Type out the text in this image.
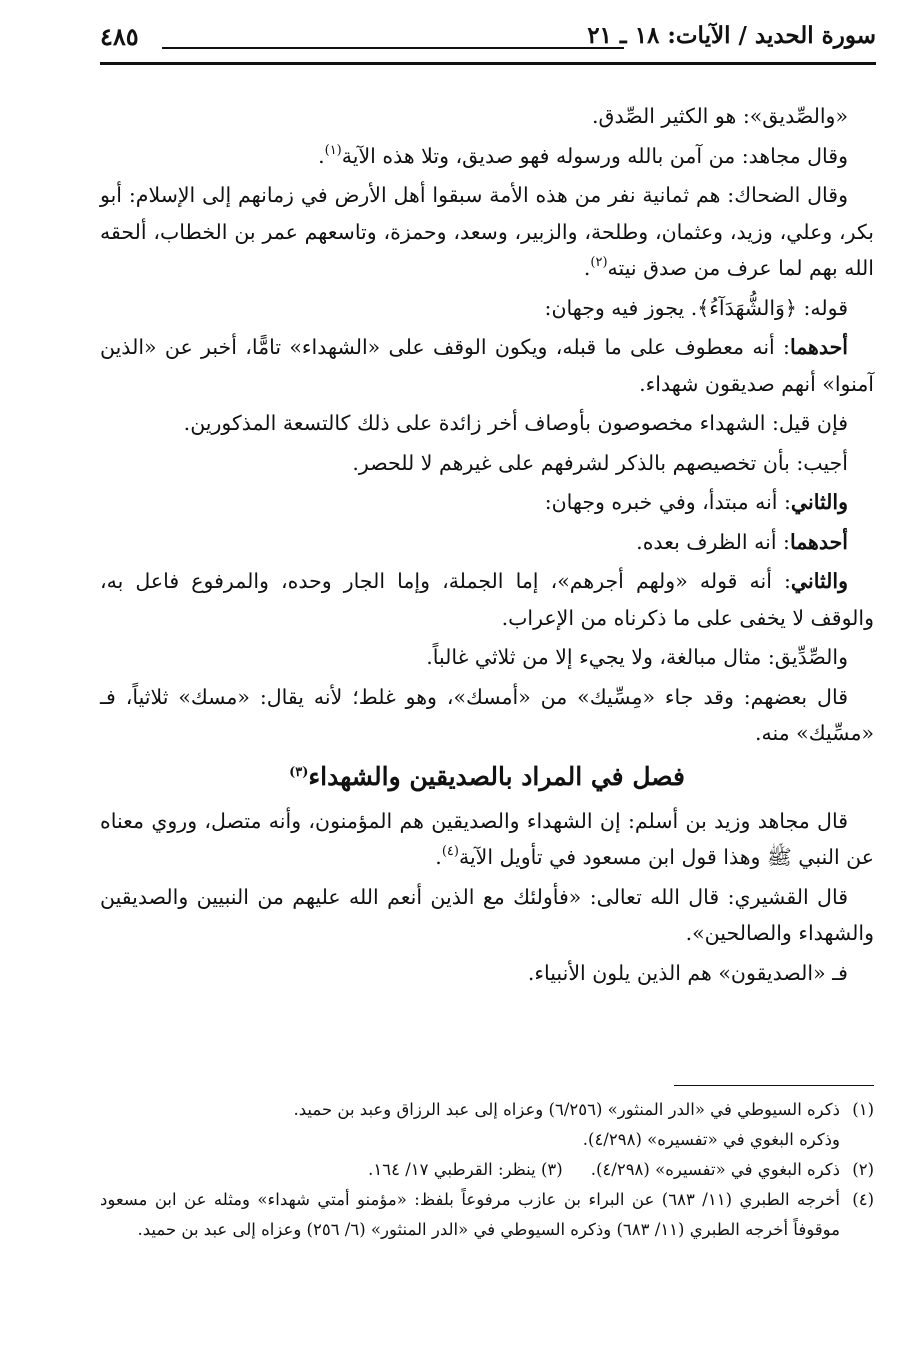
سورة الحديد / الآيات: ١٨ ـ ٢١
٤٨٥

«والصِّديق»: هو الكثير الصِّدق.

وقال مجاهد: من آمن بالله ورسوله فهو صديق، وتلا هذه الآية$^{(١)}$.

وقال الضحاك: هم ثمانية نفر من هذه الأمة سبقوا أهل الأرض في زمانهم إلى الإسلام: أبو بكر، وعلي، وزيد، وعثمان، وطلحة، والزبير، وسعد، وحمزة، وتاسعهم عمر بن الخطاب، ألحقه الله بهم لما عرف من صدق نيته$^{(٢)}$.

قوله: ﴿وَالشُّهَدَآءُ﴾. يجوز فيه وجهان:

أحدهما: أنه معطوف على ما قبله، ويكون الوقف على «الشهداء» تامًّا، أخبر عن «الذين آمنوا» أنهم صديقون شهداء.

فإن قيل: الشهداء مخصوصون بأوصاف أخر زائدة على ذلك كالتسعة المذكورين.

أجيب: بأن تخصيصهم بالذكر لشرفهم على غيرهم لا للحصر.

والثاني: أنه مبتدأ، وفي خبره وجهان:

أحدهما: أنه الظرف بعده.

والثاني: أنه قوله «ولهم أجرهم»، إما الجملة، وإما الجار وحده، والمرفوع فاعل به، والوقف لا يخفى على ما ذكرناه من الإعراب.

والصِّدِّيق: مثال مبالغة، ولا يجيء إلا من ثلاثي غالباً.

قال بعضهم: وقد جاء «مِسِّيك» من «أمسك»، وهو غلط؛ لأنه يقال: «مسك» ثلاثياً، فـ «مسِّيك» منه.

فصل في المراد بالصديقين والشهداء$^{(٣)}$

قال مجاهد وزيد بن أسلم: إن الشهداء والصديقين هم المؤمنون، وأنه متصل، وروي معناه عن النبي ﷺ وهذا قول ابن مسعود في تأويل الآية$^{(٤)}$.

قال القشيري: قال الله تعالى: «فأولئك مع الذين أنعم الله عليهم من النبيين والصديقين والشهداء والصالحين».

فـ «الصديقون» هم الذين يلون الأنبياء.

(١)
ذكره السيوطي في «الدر المنثور» (٦/٢٥٦) وعزاه إلى عبد الرزاق وعبد بن حميد.

وذكره البغوي في «تفسيره» (٤/٢٩٨).

(٢)
ذكره البغوي في «تفسيره» (٤/٢٩٨).(٣) ينظر: القرطبي ١٧/ ١٦٤.

(٤)
أخرجه الطبري (١١/ ٦٨٣) عن البراء بن عازب مرفوعاً بلفظ: «مؤمنو أمتي شهداء» ومثله عن ابن مسعود موقوفاً أخرجه الطبري (١١/ ٦٨٣) وذكره السيوطي في «الدر المنثور» (٦/ ٢٥٦) وعزاه إلى عبد بن حميد.
